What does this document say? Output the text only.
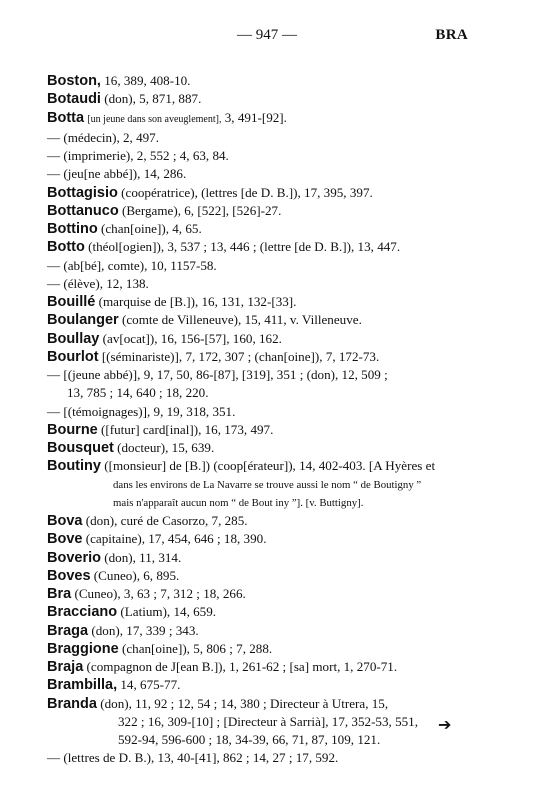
— 947 —	BRA
Boston, 16, 389, 408-10.
Botaudi (don), 5, 871, 887.
Botta [un jeune dans son aveuglement], 3, 491-[92].
— (médecin), 2, 497.
— (imprimerie), 2, 552 ; 4, 63, 84.
— (jeu[ne abbé]), 14, 286.
Bottagisio (coopératrice), (lettres [de D. B.]), 17, 395, 397.
Bottanuco (Bergame), 6, [522], [526]-27.
Bottino (chan[oine]), 4, 65.
Botto (théol[ogien]), 3, 537 ; 13, 446 ; (lettre [de D. B.]), 13, 447.
— (ab[bé], comte), 10, 1157-58.
— (élève), 12, 138.
Bouillé (marquise de [B.]), 16, 131, 132-[33].
Boulanger (comte de Villeneuve), 15, 411, v. Villeneuve.
Boullay (av[ocat]), 16, 156-[57], 160, 162.
Bourlot [(séminariste)], 7, 172, 307 ; (chan[oine]), 7, 172-73.
— [(jeune abbé)], 9, 17, 50, 86-[87], [319], 351 ; (don), 12, 509 ;
13, 785 ; 14, 640 ; 18, 220.
— [(témoignages)], 9, 19, 318, 351.
Bourne ([futur] card[inal]), 16, 173, 497.
Bousquet (docteur), 15, 639.
Boutiny ([monsieur] de [B.]) (coop[érateur]), 14, 402-403. [A Hyères et
dans les environs de La Navarre se trouve aussi le nom “ de Boutigny ”
mais n'apparaît aucun nom “ de Bout iny ”]. [v. Buttigny].
Bova (don), curé de Casorzo, 7, 285.
Bove (capitaine), 17, 454, 646 ; 18, 390.
Boverio (don), 11, 314.
Boves (Cuneo), 6, 895.
Bra (Cuneo), 3, 63 ; 7, 312 ; 18, 266.
Bracciano (Latium), 14, 659.
Braga (don), 17, 339 ; 343.
Braggione (chan[oine]), 5, 806 ; 7, 288.
Braja (compagnon de J[ean B.]), 1, 261-62 ; [sa] mort, 1, 270-71.
Brambilla, 14, 675-77.
Branda (don), 11, 92 ; 12, 54 ; 14, 380 ; Directeur à Utrera, 15,
322 ; 16, 309-[10] ; [Directeur à Sarrià], 17, 352-53, 551,
592-94, 596-600 ; 18, 34-39, 66, 71, 87, 109, 121.
— (lettres de D. B.), 13, 40-[41], 862 ; 14, 27 ; 17, 592.
➔
